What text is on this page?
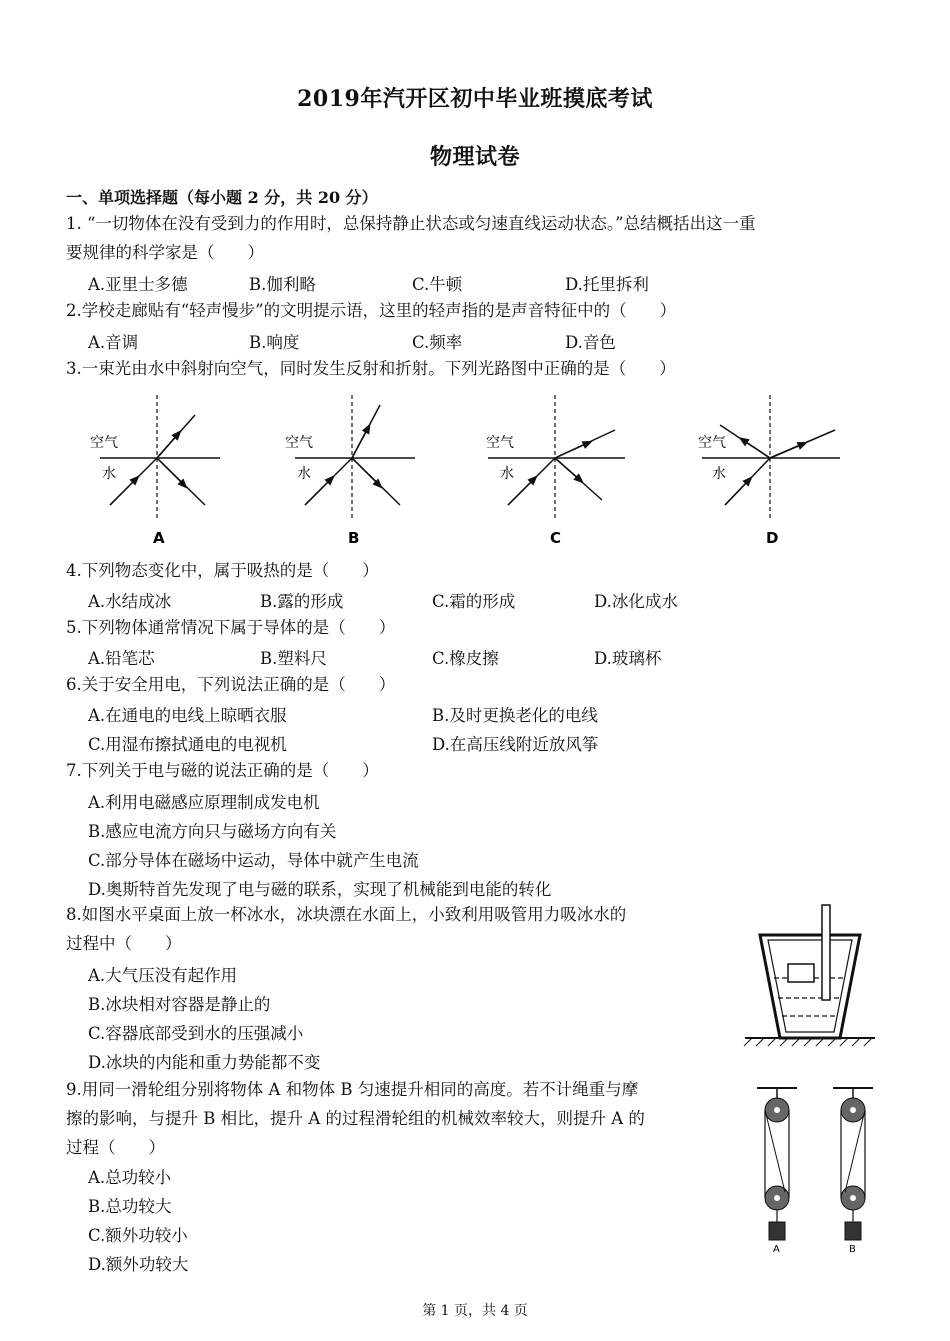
2019年汽开区初中毕业班摸底考试
物理试卷
一、单项选择题（每小题 2 分，共 20 分）
1. “一切物体在没有受到力的作用时，总保持静止状态或匀速直线运动状态。”总结概括出这一重
要规律的科学家是（　　）
A.亚里士多德	B.伽利略	C.牛顿	D.托里拆利
2.学校走廊贴有“轻声慢步”的文明提示语，这里的轻声指的是声音特征中的（　　）
A.音调	B.响度	C.频率	D.音色
3.一束光由水中斜射向空气，同时发生反射和折射。下列光路图中正确的是（　　）
空气
水
A
空气
水
B
空气
水
C
空气
水
D
4.下列物态变化中，属于吸热的是（　　）
A.水结成冰	B.露的形成	C.霜的形成	D.冰化成水
5.下列物体通常情况下属于导体的是（　　）
A.铅笔芯	B.塑料尺	C.橡皮擦	D.玻璃杯
6.关于安全用电，下列说法正确的是（　　）
A.在通电的电线上晾晒衣服	B.及时更换老化的电线
C.用湿布擦拭通电的电视机	D.在高压线附近放风筝
7.下列关于电与磁的说法正确的是（　　）
A.利用电磁感应原理制成发电机
B.感应电流方向只与磁场方向有关
C.部分导体在磁场中运动，导体中就产生电流
D.奥斯特首先发现了电与磁的联系，实现了机械能到电能的转化
8.如图水平桌面上放一杯冰水，冰块漂在水面上，小致利用吸管用力吸冰水的
过程中（　　）
A.大气压没有起作用
B.冰块相对容器是静止的
C.容器底部受到水的压强减小
D.冰块的内能和重力势能都不变
9.用同一滑轮组分别将物体 A 和物体 B 匀速提升相同的高度。若不计绳重与摩
擦的影响，与提升 B 相比，提升 A 的过程滑轮组的机械效率较大，则提升 A 的
过程（　　）
A.总功较小
B.总功较大
C.额外功较小
D.额外功较大
A	B
第 1 页，共 4 页
